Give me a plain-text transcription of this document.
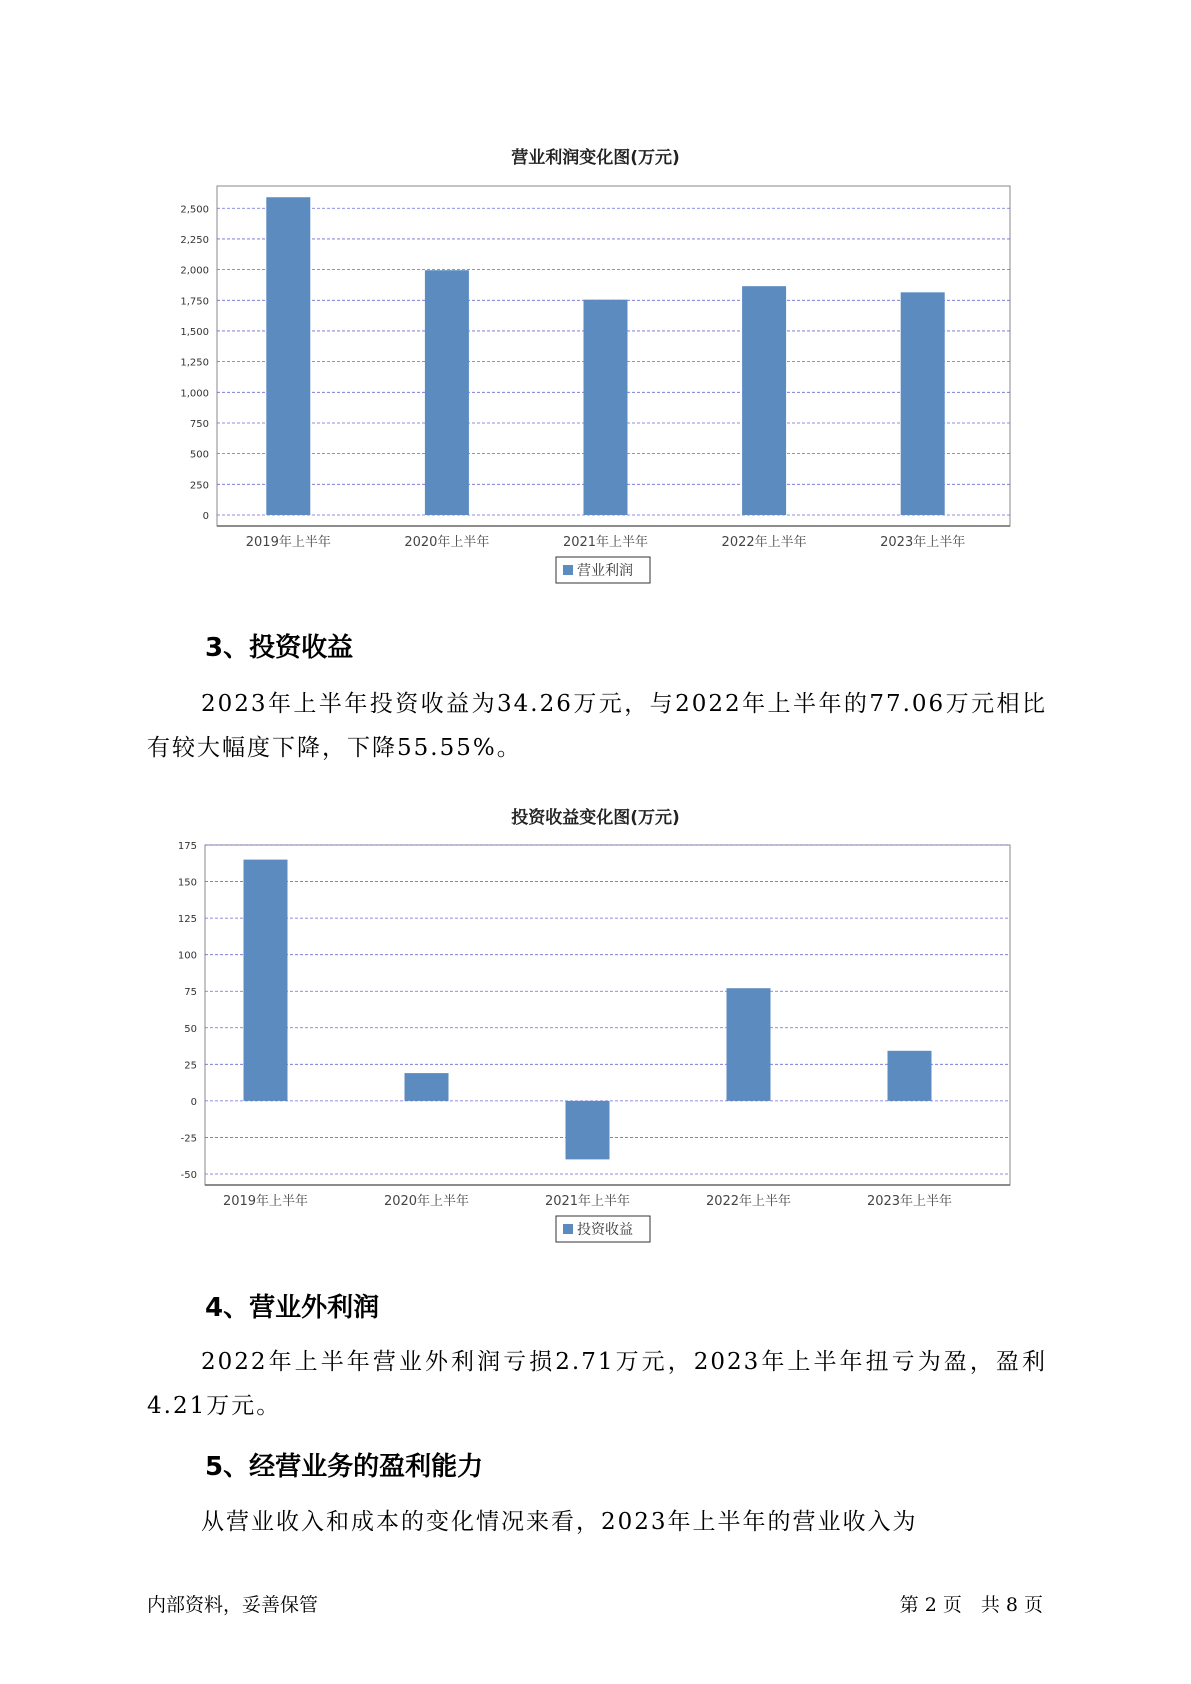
营业利润变化图(万元)
0
250
500
750
1,000
1,250
1,500
1,750
2,000
2,250
2,500
2019年上半年	2020年上半年	2021年上半年	2022年上半年	2023年上半年
营业利润
3、投资收益

2023年上半年投资收益为34.26万元，与2022年上半年的77.06万元相比有较大幅度下降，下降55.55%。

投资收益变化图(万元)
-50
-25
0
25
50
75
100
125
150
175
2019年上半年	2020年上半年	2021年上半年	2022年上半年	2023年上半年
投资收益
4、营业外利润

2022年上半年营业外利润亏损2.71万元，2023年上半年扭亏为盈，盈利4.21万元。

5、经营业务的盈利能力

从营业收入和成本的变化情况来看，2023年上半年的营业收入为

内部资料，妥善保管	第 2 页　共 8 页
